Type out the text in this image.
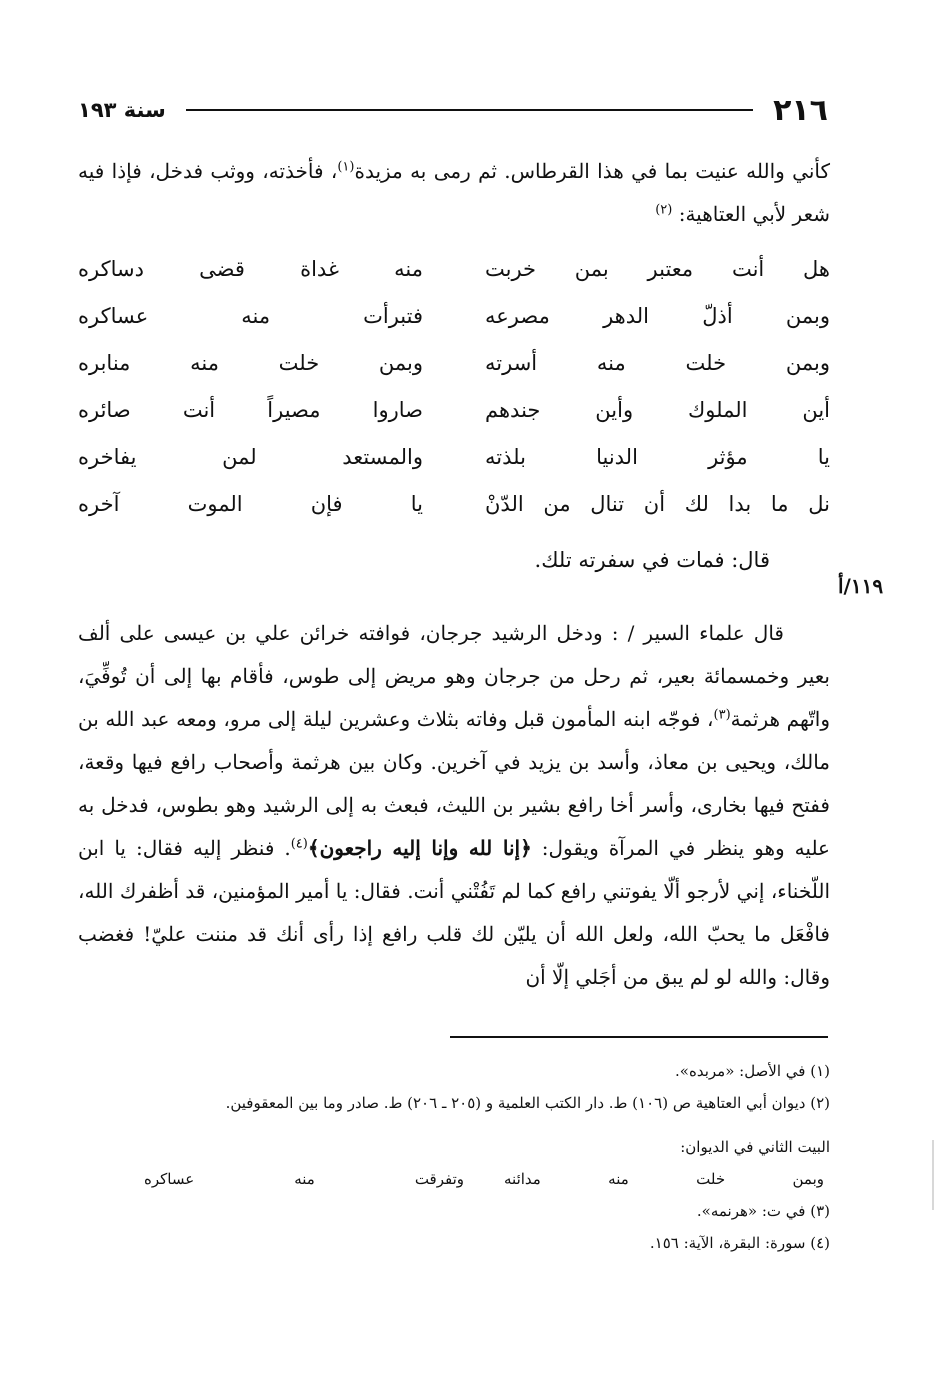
٢١٦
سنة ١٩٣

كأني والله عنيت بما في هذا القرطاس. ثم رمى به مزيدة$^{(١)}$، فأخذته، ووثب فدخل، فإذا فيه شعر لأبي العتاهية: $^{(٢)}$

هل أنت معتبر بمن خربت
منه غداة قضى دساكره
وبمن أذلّ الدهر مصرعه
فتبرأت منه عساكره
وبمن خلت منه أسرته
وبمن خلت منه منابره
أين الملوك وأين جندهم
صاروا مصيراً أنت صائره
يا مؤثر الدنيا بلذته
والمستعد لمن يفاخره
نل ما بدا لك أن تنال من الدّنْ
يا فإن الموت آخره
قال: فمات في سفرته تلك.
١١٩/أ

قال علماء السير / : ودخل الرشيد جرجان، فوافته خرائن علي بن عيسى على ألف بعير وخمسمائة بعير، ثم رحل من جرجان وهو مريض إلى طوس، فأقام بها إلى أن تُوفِّيَ، واتّهم هرثمة$^{(٣)}$، فوجّه ابنه المأمون قبل وفاته بثلاث وعشرين ليلة إلى مرو، ومعه عبد الله بن مالك، ويحيى بن معاذ، وأسد بن يزيد في آخرين. وكان بين هرثمة وأصحاب رافع فيها وقعة، ففتح فيها بخارى، وأسر أخا رافع بشير بن الليث، فبعث به إلى الرشيد وهو بطوس، فدخل به عليه وهو ينظر في المرآة ويقول: ﴿إنا لله وإنا إليه راجعون﴾$^{(٤)}$. فنظر إليه فقال: يا ابن اللّخناء، إني لأرجو ألّا يفوتني رافع كما لم تَفُتْني أنت. فقال: يا أمير المؤمنين، قد أظفرك الله، فافْعَل ما يحبّ الله، ولعل الله أن يليّن لك قلب رافع إذا رأى أنك قد مننت عليّ! فغضب وقال: والله لو لم يبق من أجَلي إلّا أن

(١) في الأصل: «مربده».

(٢) ديوان أبي العتاهية ص (١٠٦) ط. دار الكتب العلمية و (٢٠٥ ـ ٢٠٦) ط. صادر وما بين المعقوفين.

البيت الثاني في الديوان:

وبمن خلت منه مدائنه
وتفرقت منه عساكره

(٣) في ت: «هرنمه».

(٤) سورة: البقرة، الآية: ١٥٦.
